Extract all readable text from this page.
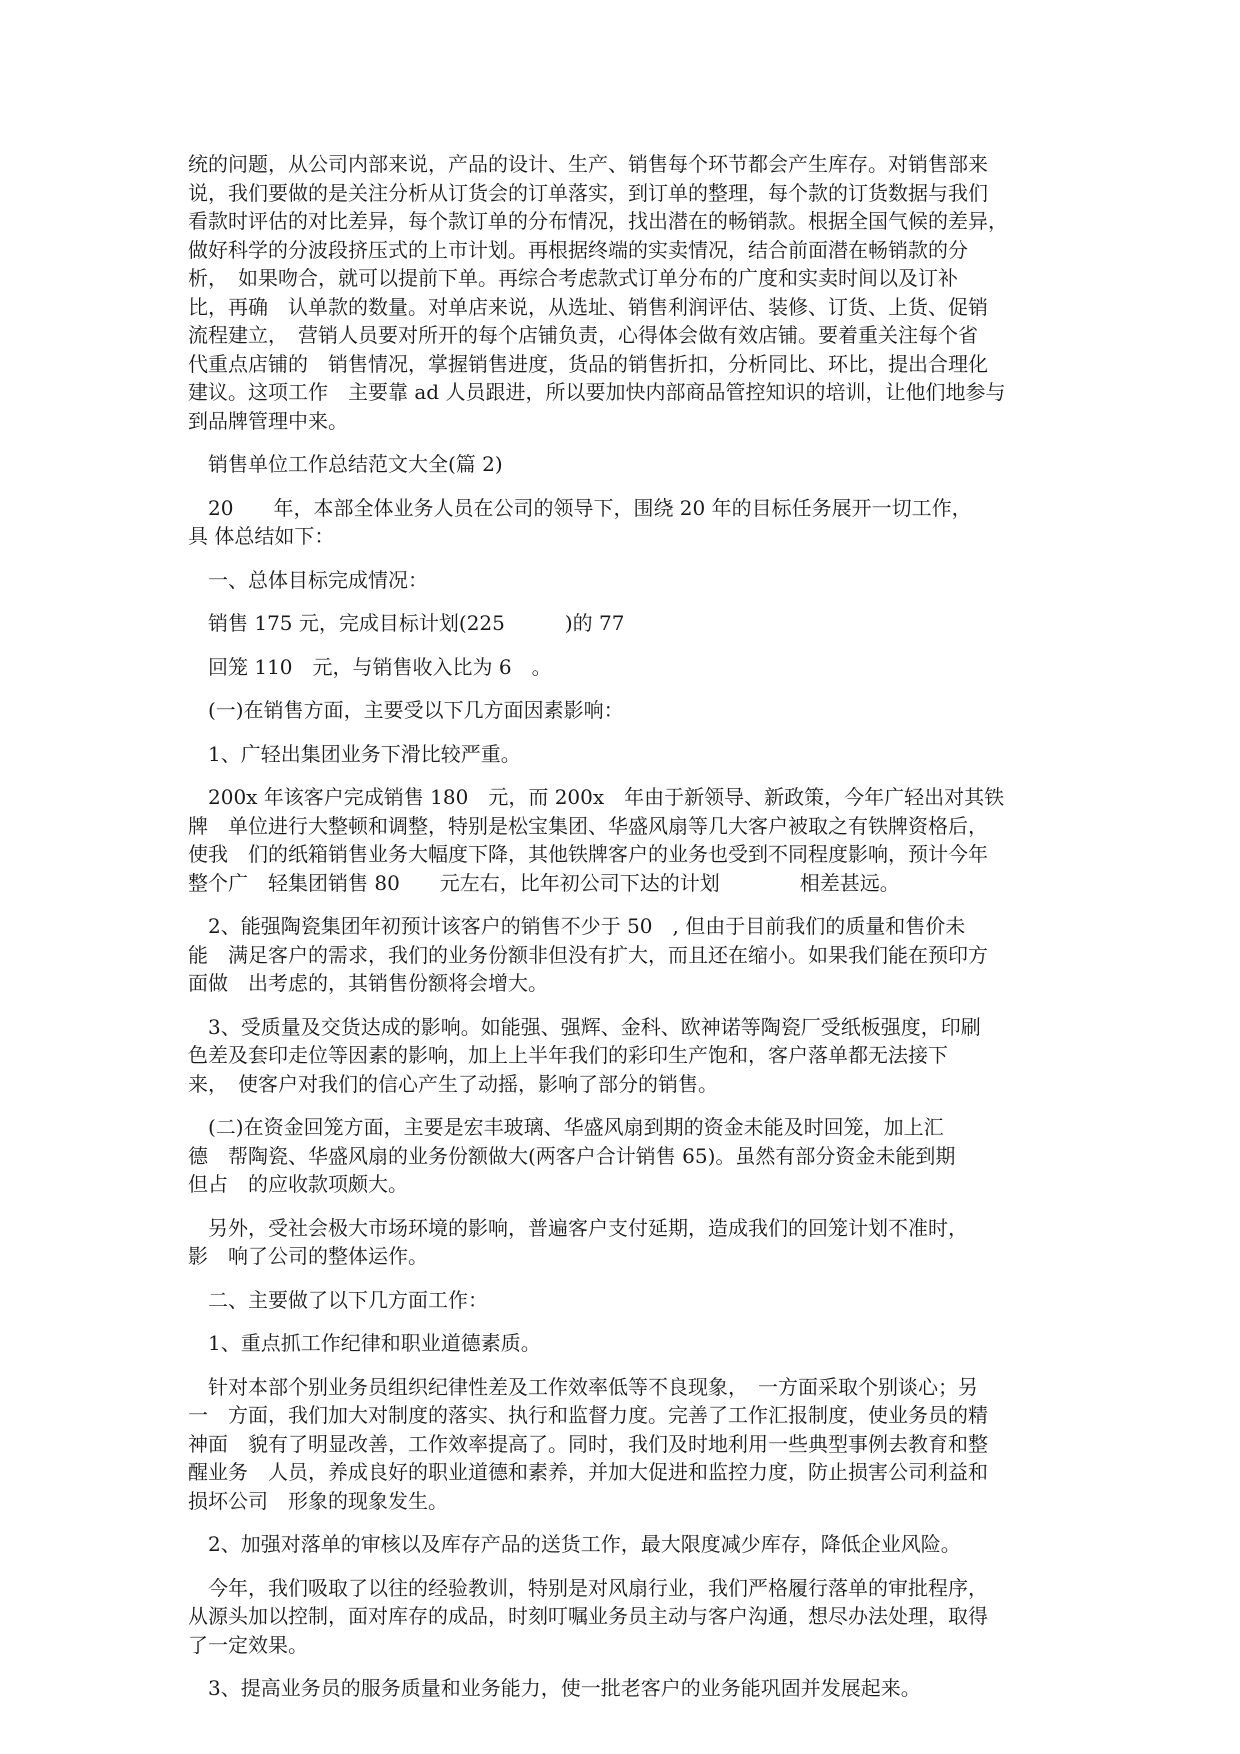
统的问题，从公司内部来说，产品的设计、生产、销售每个环节都会产生库存。对销售部来
说，我们要做的是关注分析从订货会的订单落实，到订单的整理，每个款的订货数据与我们
看款时评估的对比差异，每个款订单的分布情况，找出潜在的畅销款。根据全国气候的差异，
做好科学的分波段挤压式的上市计划。再根据终端的实卖情况，结合前面潜在畅销款的分
析，　如果吻合，就可以提前下单。再综合考虑款式订单分布的广度和实卖时间以及订补
比，再确　认单款的数量。对单店来说，从选址、销售利润评估、装修、订货、上货、促销
流程建立，　营销人员要对所开的每个店铺负责，心得体会做有效店铺。要着重关注每个省
代重点店铺的　销售情况，掌握销售进度，货品的销售折扣，分析同比、环比，提出合理化
建议。这项工作　主要靠 ad 人员跟进，所以要加快内部商品管控知识的培训，让他们地参与
到品牌管理中来。
　销售单位工作总结范文大全(篇 2)
　20　　年，本部全体业务人员在公司的领导下，围绕 20 年的目标任务展开一切工作，
具 体总结如下：
　一、总体目标完成情况：
　销售 175 元，完成目标计划(225　　　)的 77
　回笼 110　元，与销售收入比为 6　。
　(一)在销售方面，主要受以下几方面因素影响：
　1、广轻出集团业务下滑比较严重。
　200x 年该客户完成销售 180　元，而 200x　年由于新领导、新政策，今年广轻出对其铁
牌　单位进行大整顿和调整，特别是松宝集团、华盛风扇等几大客户被取之有铁牌资格后，
使我　们的纸箱销售业务大幅度下降，其他铁牌客户的业务也受到不同程度影响，预计今年
整个广　轻集团销售 80　　元左右，比年初公司下达的计划　　　　相差甚远。
　2、能强陶瓷集团年初预计该客户的销售不少于 50　, 但由于目前我们的质量和售价未
能　满足客户的需求，我们的业务份额非但没有扩大，而且还在缩小。如果我们能在预印方
面做　出考虑的，其销售份额将会增大。
　3、受质量及交货达成的影响。如能强、强辉、金科、欧神诺等陶瓷厂受纸板强度，印刷
色差及套印走位等因素的影响，加上上半年我们的彩印生产饱和，客户落单都无法接下
来，　使客户对我们的信心产生了动摇，影响了部分的销售。
　(二)在资金回笼方面，主要是宏丰玻璃、华盛风扇到期的资金未能及时回笼，加上汇
德　帮陶瓷、华盛风扇的业务份额做大(两客户合计销售 65)。虽然有部分资金未能到期
但占　的应收款项颇大。
　另外，受社会极大市场环境的影响，普遍客户支付延期，造成我们的回笼计划不准时，
影　响了公司的整体运作。
　二、主要做了以下几方面工作：
　1、重点抓工作纪律和职业道德素质。
　针对本部个别业务员组织纪律性差及工作效率低等不良现象，　一方面采取个别谈心；另
一　方面，我们加大对制度的落实、执行和监督力度。完善了工作汇报制度，使业务员的精
神面　貌有了明显改善，工作效率提高了。同时，我们及时地利用一些典型事例去教育和整
醒业务　人员，养成良好的职业道德和素养，并加大促进和监控力度，防止损害公司利益和
损坏公司　形象的现象发生。
　2、加强对落单的审核以及库存产品的送货工作，最大限度减少库存，降低企业风险。
　今年，我们吸取了以往的经验教训，特别是对风扇行业，我们严格履行落单的审批程序，
从源头加以控制，面对库存的成品，时刻叮嘱业务员主动与客户沟通，想尽办法处理，取得
了一定效果。
　3、提高业务员的服务质量和业务能力，使一批老客户的业务能巩固并发展起来。
